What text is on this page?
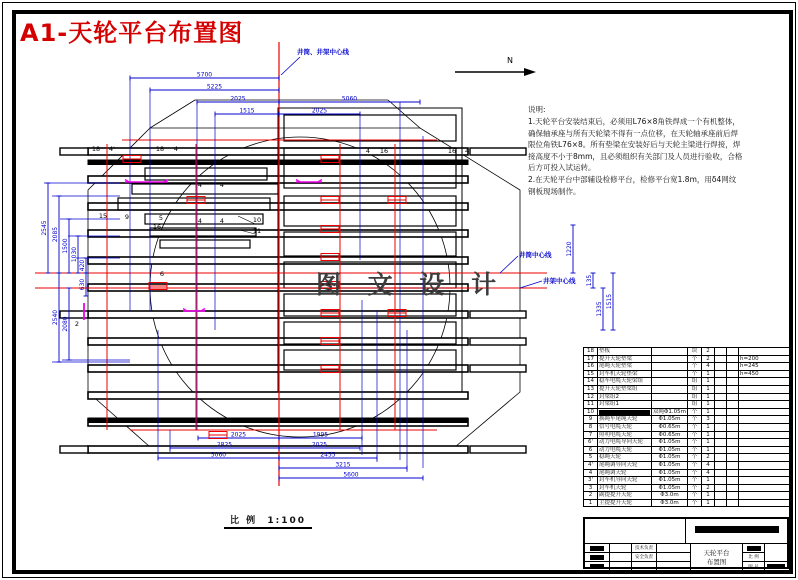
5700
5225
2025	5060
1515	2025
2025	1995
2825	2025
5060	2455
3215
5600
2545 2085
1500
1030
420
630
2080
2540
1220
135
1335 1515
N
18 4'	18 4	4 16	16 4'
15	9	5
16
10
11
6
2
4	4
4	4
A1-天轮平台布置图
井筒、井架中心线
井筒中心线
井架中心线
图 文 设 计
说明:
1.天轮平台安装结束后，必须用L76×8角铁焊成一个有机整体，
确保轴承座与所有天轮梁不得有一点位移，在天轮轴承座前后焊
限位角铁L76×8。所有垫梁在安装好后与天轮主梁进行焊接，焊
接高度不小于8mm，且必须组织有关部门及人员进行验收，合格
后方可投入试运转。
2.在天轮平台中部辅设检修平台，检修平台宽1.8m，用δ4网纹
钢板现场制作。
比 例 1:100
18	垫板		块	2			
17	提升天轮垫梁		个	2			h=200
16	尾绳天轮垫梁		个	4			h=245
15	封车机天轮垫梁		个	1			h=450
14	稳车电缆天轮梁组		组	1			
13	提升天轮垫梁组		组	1			
12	封梁组2		组	1			
11	封梁组1		组	1			
10		双绳Φ1.05m	个	1			
9	换绳车尾绳天轮	Φ1.05m	个	3			
8	信号电缆天轮	Φ0.65m	个	1			
7	照明电缆天轮	Φ0.65m	个	1			
6'	动力电缆导向天轮	Φ1.05m	个	1			
6	动力电缆天轮	Φ1.05m	个	1			
5	稳绳天轮	Φ1.05m	个	2			
4'	尾绳调导向天轮	Φ1.05m	个	4			
4	尾绳调天轮	Φ1.05m	个	4			
3'	封车机导向天轮	Φ1.05m	个	1			
3	封车机天轮	Φ1.05m	个	2			
2	副提提升天轮	Φ3.0m	个	1			
1	主提提升天轮	Φ3.0m	个	1			
技术负责
安全负责
天轮平台
布置图	比 例
图 号
